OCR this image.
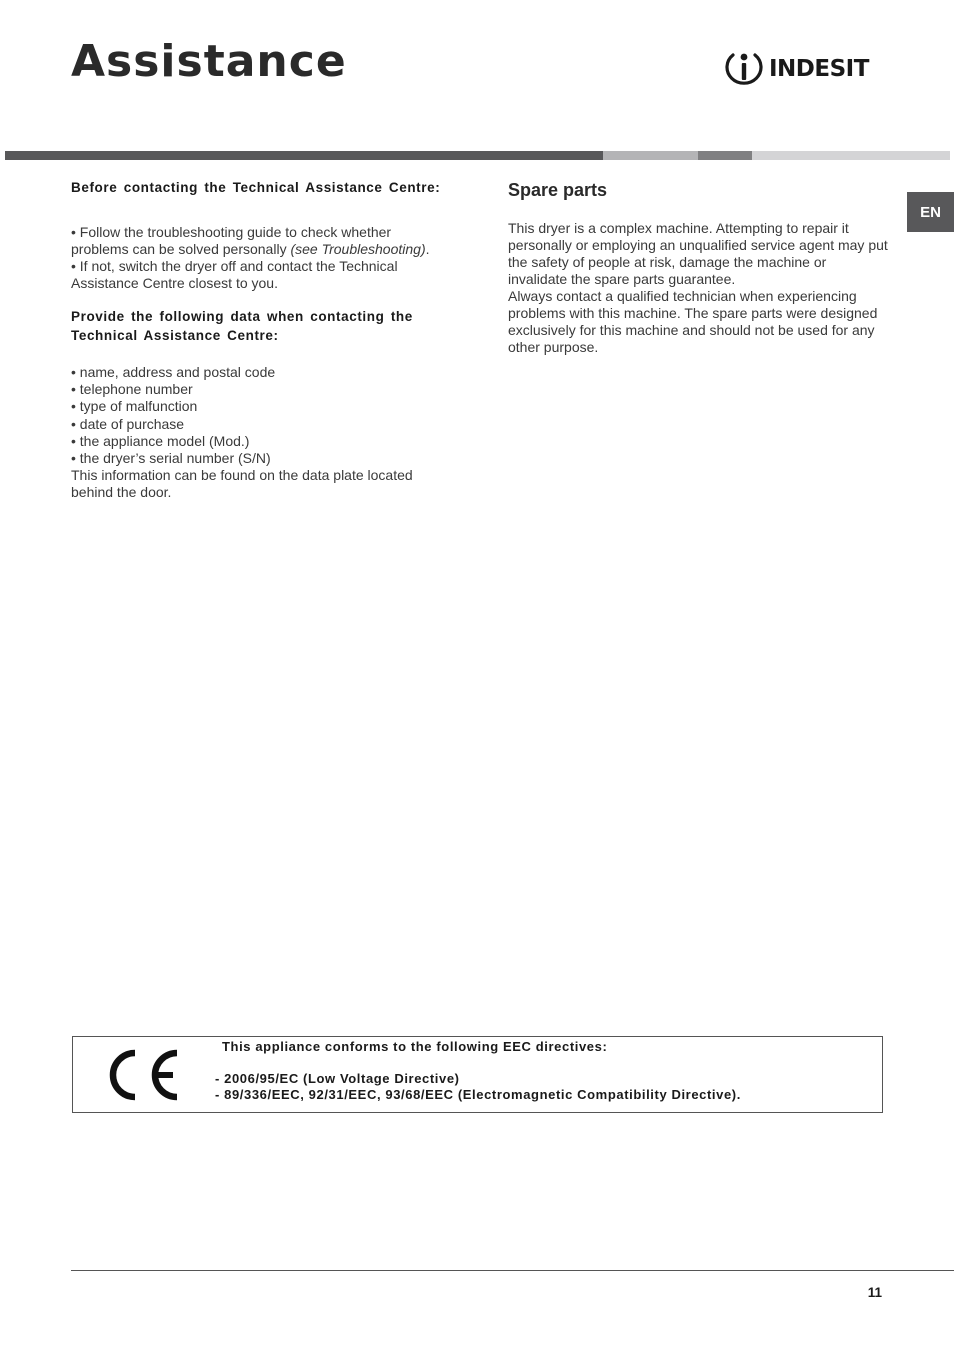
Assistance	INDESIT
EN

Before contacting the Technical Assistance Centre:

• Follow the troubleshooting guide to check whether problems can be solved personally (see Troubleshooting).

• If not, switch the dryer off and contact the Technical Assistance Centre closest to you.

Provide the following data when contacting the Technical Assistance Centre:

• name, address and postal code
• telephone number
• type of malfunction
• date of purchase
• the appliance model (Mod.)
• the dryer’s serial number (S/N)

This information can be found on the data plate located behind the door.

Spare parts

This dryer is a complex machine. Attempting to repair it personally or employing an unqualified service agent may put the safety of people at risk, damage the machine or invalidate the spare parts guarantee.

Always contact a qualified technician when experiencing problems with this machine. The spare parts were designed exclusively for this machine and should not be used for any other purpose.

This appliance conforms to the following EEC directives:
- 2006/95/EC (Low Voltage Directive)
- 89/336/EEC, 92/31/EEC, 93/68/EEC (Electromagnetic Compatibility Directive).
11
